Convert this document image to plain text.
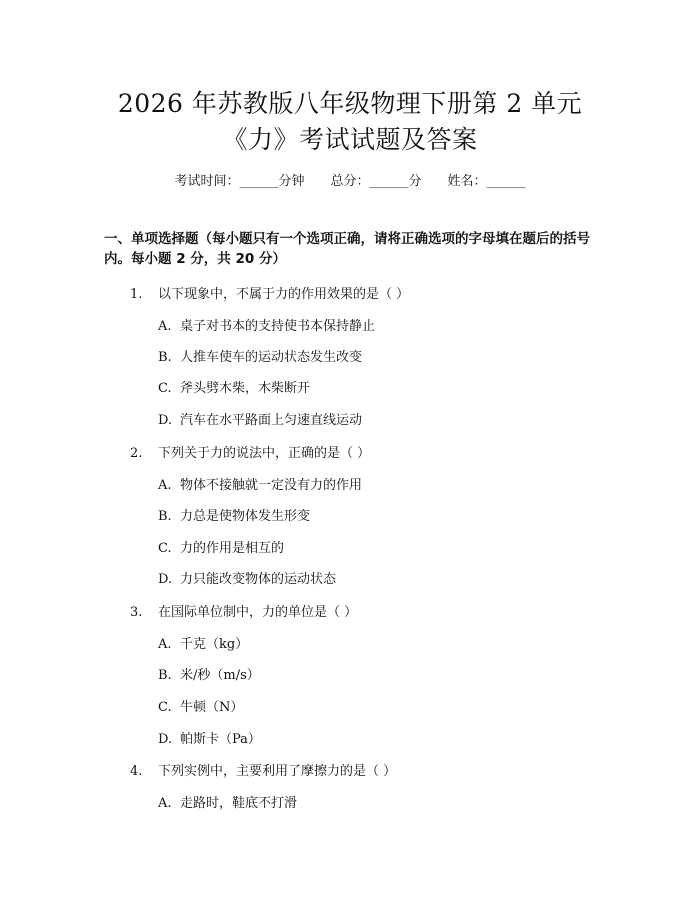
2026 年苏教版八年级物理下册第 2 单元
《力》考试试题及答案
考试时间：______分钟 总分：______分 姓名：______
一、单项选择题（每小题只有一个选项正确，请将正确选项的字母填在题后的括号内。每小题 2 分，共 20 分）
1. 以下现象中，不属于力的作用效果的是（ ）
A. 桌子对书本的支持使书本保持静止
B. 人推车使车的运动状态发生改变
C. 斧头劈木柴，木柴断开
D. 汽车在水平路面上匀速直线运动
2. 下列关于力的说法中，正确的是（ ）
A. 物体不接触就一定没有力的作用
B. 力总是使物体发生形变
C. 力的作用是相互的
D. 力只能改变物体的运动状态
3. 在国际单位制中，力的单位是（ ）
A. 千克（kg）
B. 米/秒（m/s）
C. 牛顿（N）
D. 帕斯卡（Pa）
4. 下列实例中，主要利用了摩擦力的是（ ）
A. 走路时，鞋底不打滑
